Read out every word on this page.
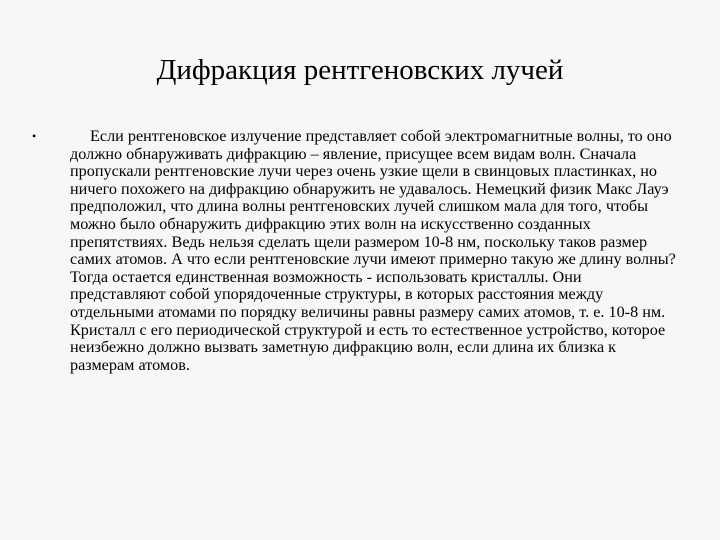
Дифракция рентгеновских лучей
•	Если рентгеновское излучение представляет собой электромагнитные волны, то оно должно обнаруживать дифракцию – явление, присущее всем видам волн. Сначала пропускали рентгеновские лучи через очень узкие щели в свинцовых пластинках, но ничего похожего на дифракцию обнаружить не удавалось. Немецкий физик Макс Лауэ предположил, что длина волны рентгеновских лучей слишком мала для того, чтобы можно было обнаружить дифракцию этих волн на искусственно созданных препятствиях. Ведь нельзя сделать щели размером 10-8 нм, поскольку таков размер самих атомов. А что если рентгеновские лучи имеют примерно такую же длину волны? Тогда остается единственная возможность - использовать кристаллы. Они представляют собой упорядоченные структуры, в которых расстояния между отдельными атомами по порядку величины равны размеру самих атомов, т. е. 10-8 нм. Кристалл с его периодической структурой и есть то естественное устройство, которое неизбежно должно вызвать заметную дифракцию волн, если длина их близка к размерам атомов.
